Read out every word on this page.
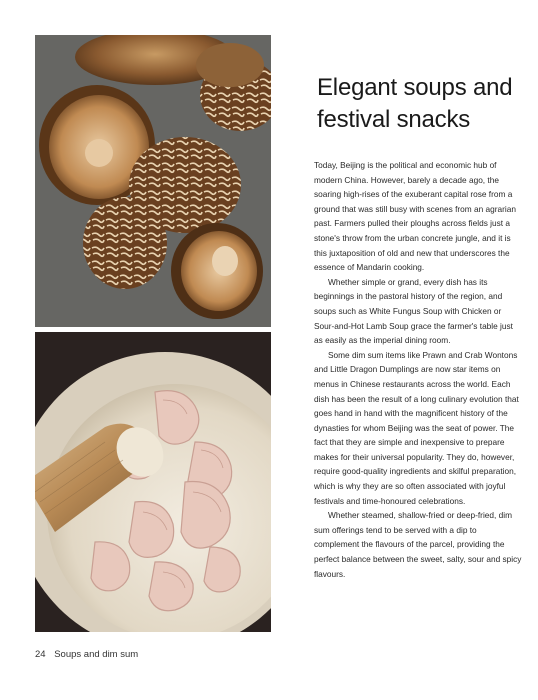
Elegant soups and festival snacks

Today, Beijing is the political and economic hub of modern China. However, barely a decade ago, the soaring high-rises of the exuberant capital rose from a ground that was still busy with scenes from an agrarian past. Farmers pulled their ploughs across fields just a stone's throw from the urban concrete jungle, and it is this juxtaposition of old and new that underscores the essence of Mandarin cooking.

Whether simple or grand, every dish has its beginnings in the pastoral history of the region, and soups such as White Fungus Soup with Chicken or Sour-and-Hot Lamb Soup grace the farmer's table just as easily as the imperial dining room.

Some dim sum items like Prawn and Crab Wontons and Little Dragon Dumplings are now star items on menus in Chinese restaurants across the world. Each dish has been the result of a long culinary evolution that goes hand in hand with the magnificent history of the dynasties for whom Beijing was the seat of power. The fact that they are simple and inexpensive to prepare makes for their universal popularity. They do, however, require good-quality ingredients and skilful preparation, which is why they are so often associated with joyful festivals and time-honoured celebrations.

Whether steamed, shallow-fried or deep-fried, dim sum offerings tend to be served with a dip to complement the flavours of the parcel, providing the perfect balance between the sweet, salty, sour and spicy flavours.

24 Soups and dim sum
